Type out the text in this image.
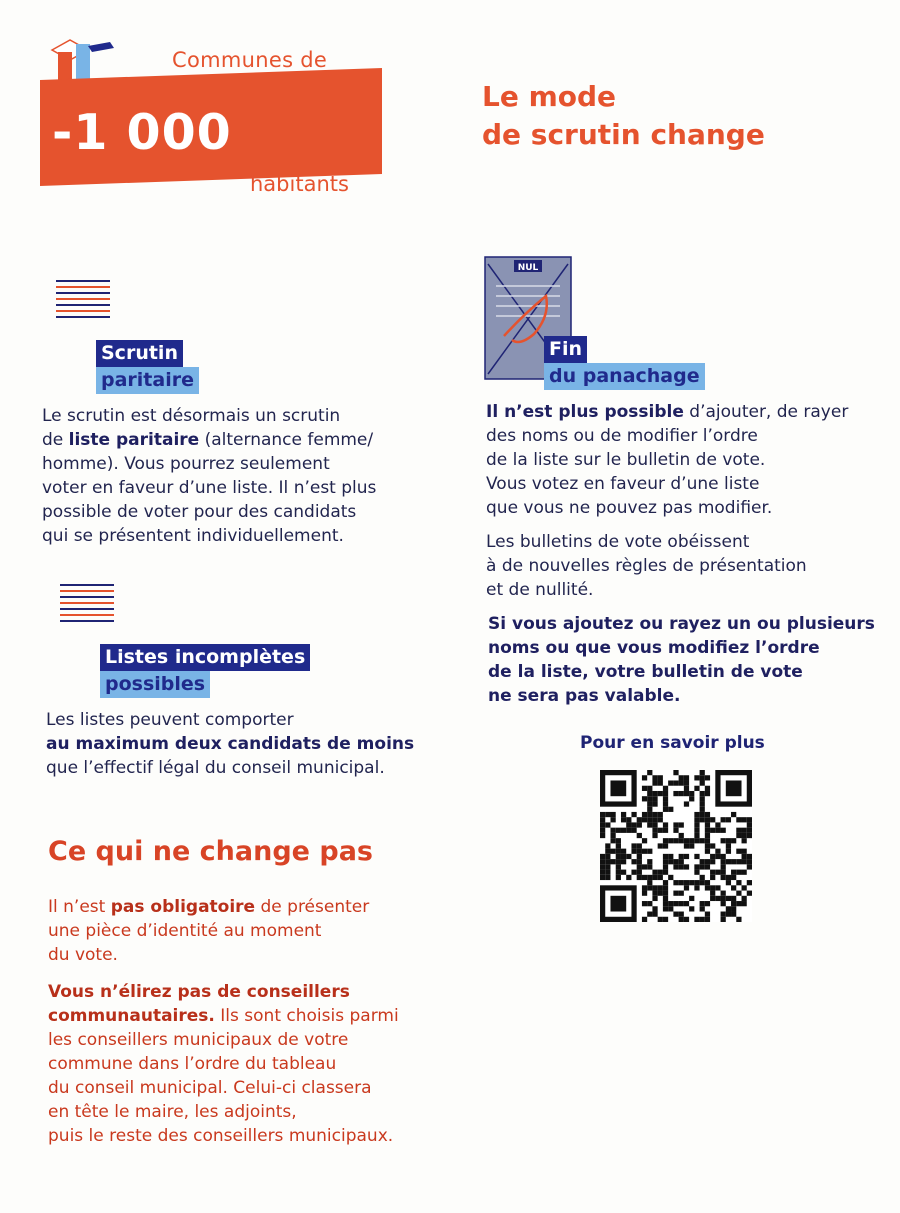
Communes de
-1 000
habitants
Le mode
de scrutin change
Scrutin
paritaire
Le scrutin est désormais un scrutin
de liste paritaire (alternance femme/
homme). Vous pourrez seulement
voter en faveur d’une liste. Il n’est plus
possible de voter pour des candidats
qui se présentent individuellement.
Listes incomplètes
possibles
Les listes peuvent comporter
au maximum deux candidats de moins
que l’effectif légal du conseil municipal.
NUL
Fin
du panachage
Il n’est plus possible d’ajouter, de rayer
des noms ou de modifier l’ordre
de la liste sur le bulletin de vote.
Vous votez en faveur d’une liste
que vous ne pouvez pas modifier.
Les bulletins de vote obéissent
à de nouvelles règles de présentation
et de nullité.
Si vous ajoutez ou rayez un ou plusieurs
noms ou que vous modifiez l’ordre
de la liste, votre bulletin de vote
ne sera pas valable.
Pour en savoir plus
Ce qui ne change pas
Il n’est pas obligatoire de présenter
une pièce d’identité au moment
du vote.
Vous n’élirez pas de conseillers
communautaires. Ils sont choisis parmi
les conseillers municipaux de votre
commune dans l’ordre du tableau
du conseil municipal. Celui-ci classera
en tête le maire, les adjoints,
puis le reste des conseillers municipaux.
